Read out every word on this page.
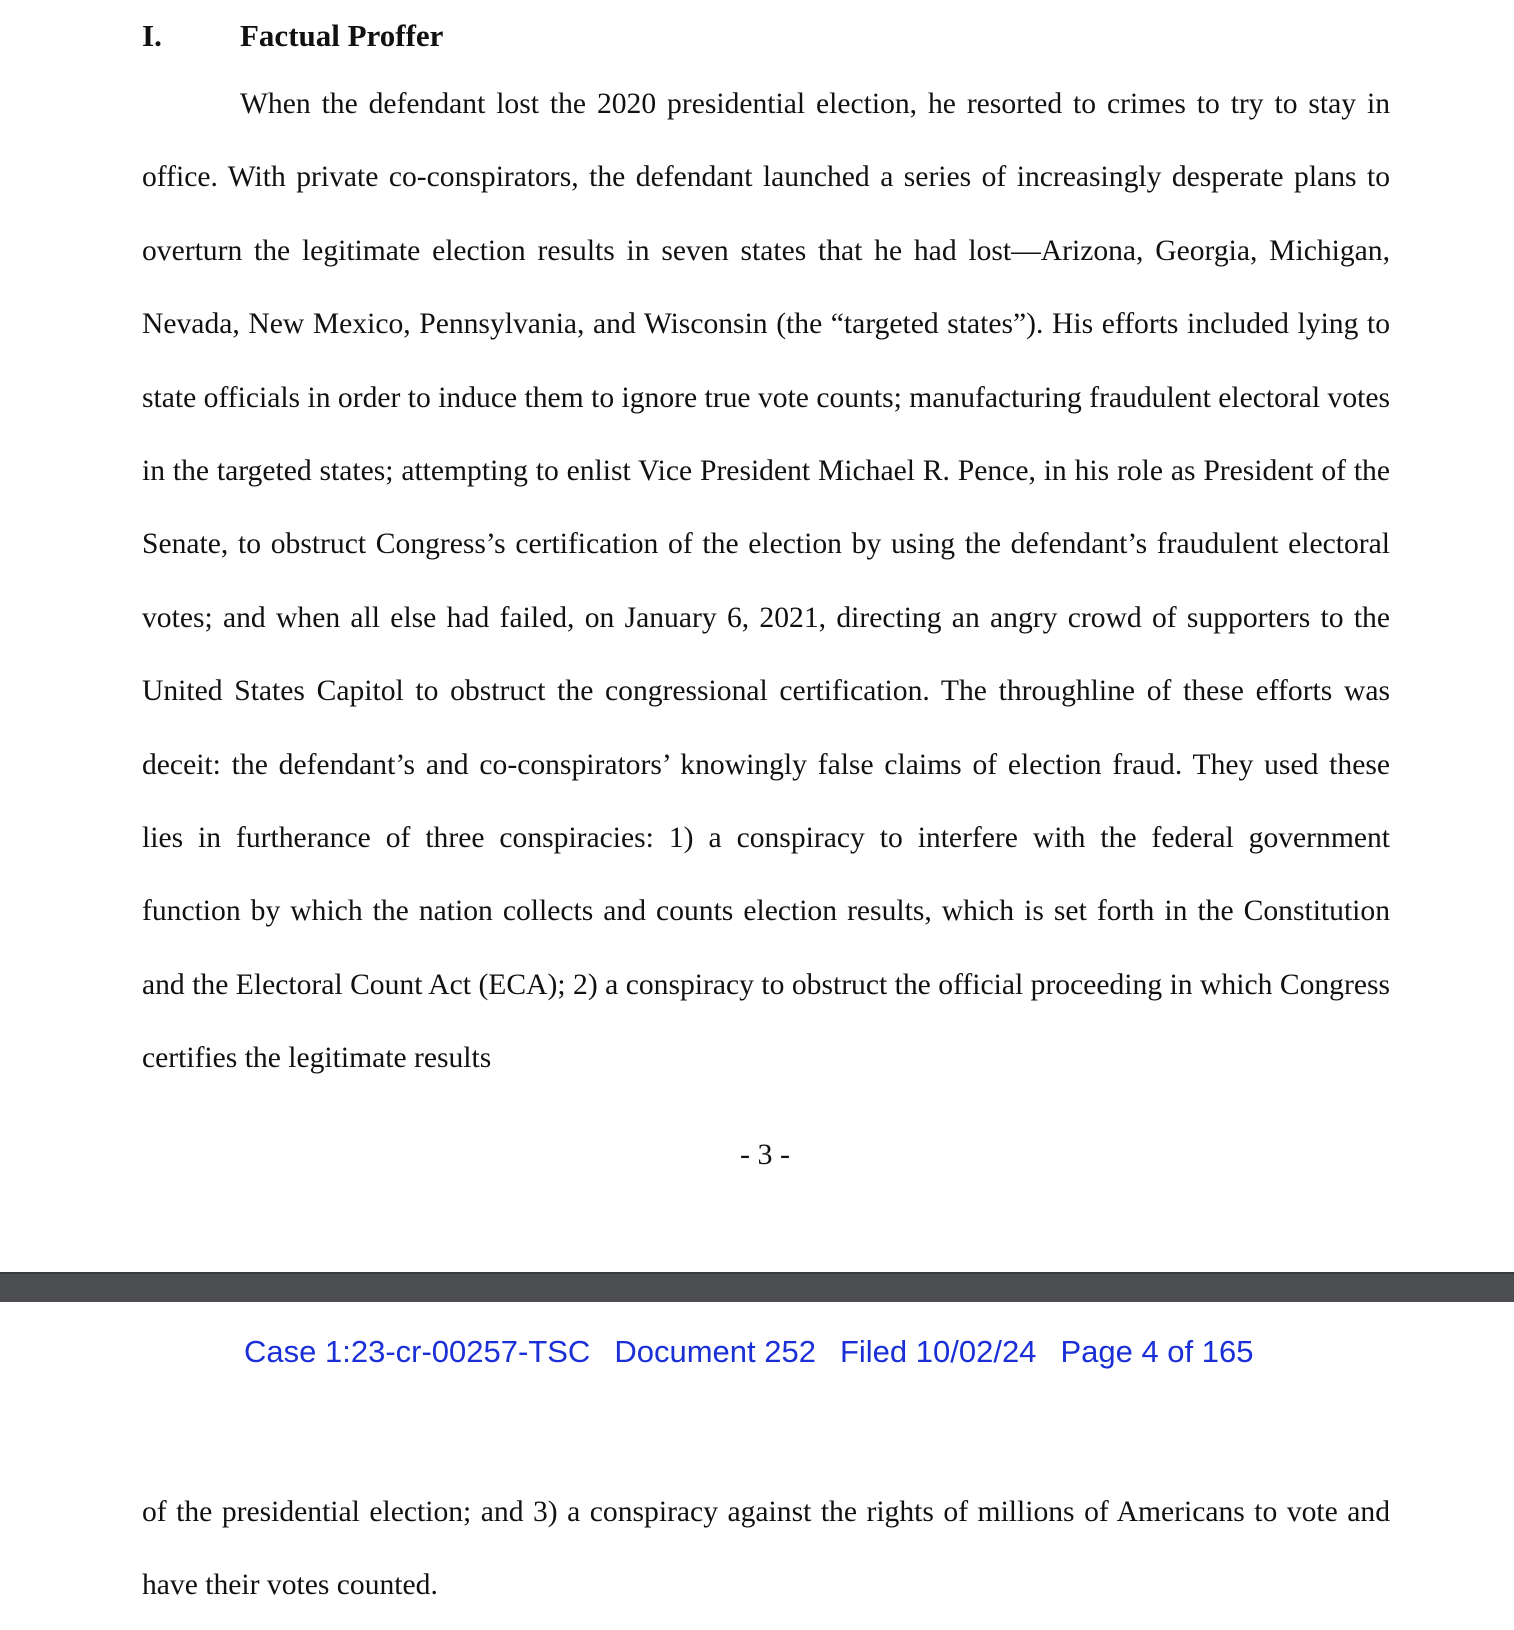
I.	Factual Proffer

When the defendant lost the 2020 presidential election, he resorted to crimes to try to stay in office. With private co-conspirators, the defendant launched a series of increasingly desperate plans to overturn the legitimate election results in seven states that he had lost—Arizona, Georgia, Michigan, Nevada, New Mexico, Pennsylvania, and Wisconsin (the “targeted states”). His efforts included lying to state officials in order to induce them to ignore true vote counts; manufacturing fraudulent electoral votes in the targeted states; attempting to enlist Vice President Michael R. Pence, in his role as President of the Senate, to obstruct Congress’s certification of the election by using the defendant’s fraudulent electoral votes; and when all else had failed, on January 6, 2021, directing an angry crowd of supporters to the United States Capitol to obstruct the congressional certification. The throughline of these efforts was deceit: the defendant’s and co-conspirators’ knowingly false claims of election fraud. They used these lies in furtherance of three conspiracies: 1) a conspiracy to interfere with the federal government function by which the nation collects and counts election results, which is set forth in the Constitution and the Electoral Count Act (ECA); 2) a conspiracy to obstruct the official proceeding in which Congress certifies the legitimate results

- 3 -
Case 1:23-cr-00257-TSC Document 252 Filed 10/02/24 Page 4 of 165

of the presidential election; and 3) a conspiracy against the rights of millions of Americans to vote and have their votes counted.
